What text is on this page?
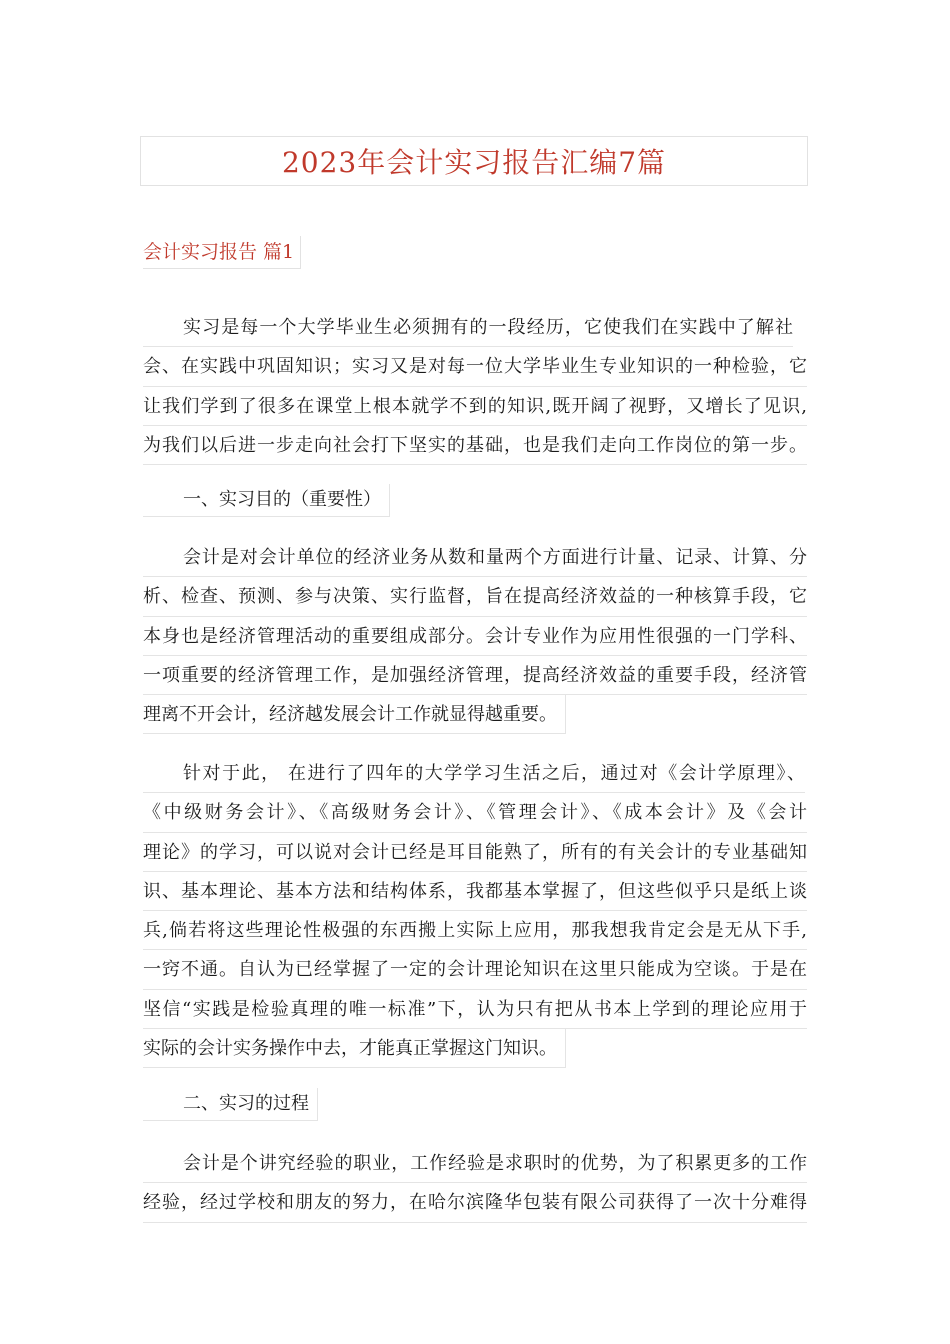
2023年会计实习报告汇编7篇
会计实习报告 篇1
实习是每一个大学毕业生必须拥有的一段经历，它使我们在实践中了解社
会、在实践中巩固知识；实习又是对每一位大学毕业生专业知识的一种检验，它
让我们学到了很多在课堂上根本就学不到的知识,既开阔了视野，又增长了见识,
为我们以后进一步走向社会打下坚实的基础，也是我们走向工作岗位的第一步。
一、实习目的（重要性）
会计是对会计单位的经济业务从数和量两个方面进行计量、记录、计算、分
析、检查、预测、参与决策、实行监督，旨在提高经济效益的一种核算手段，它
本身也是经济管理活动的重要组成部分。会计专业作为应用性很强的一门学科、
一项重要的经济管理工作，是加强经济管理，提高经济效益的重要手段，经济管
理离不开会计，经济越发展会计工作就显得越重要。
针对于此， 在进行了四年的大学学习生活之后，通过对《会计学原理》、
《中级财务会计》、《高级财务会计》、《管理会计》、《成本会计》及《会计
理论》的学习，可以说对会计已经是耳目能熟了，所有的有关会计的专业基础知
识、基本理论、基本方法和结构体系，我都基本掌握了，但这些似乎只是纸上谈
兵,倘若将这些理论性极强的东西搬上实际上应用，那我想我肯定会是无从下手,
一窍不通。自认为已经掌握了一定的会计理论知识在这里只能成为空谈。于是在
坚信“实践是检验真理的唯一标准”下，认为只有把从书本上学到的理论应用于
实际的会计实务操作中去，才能真正掌握这门知识。
二、实习的过程
会计是个讲究经验的职业，工作经验是求职时的优势，为了积累更多的工作
经验，经过学校和朋友的努力，在哈尔滨隆华包装有限公司获得了一次十分难得
